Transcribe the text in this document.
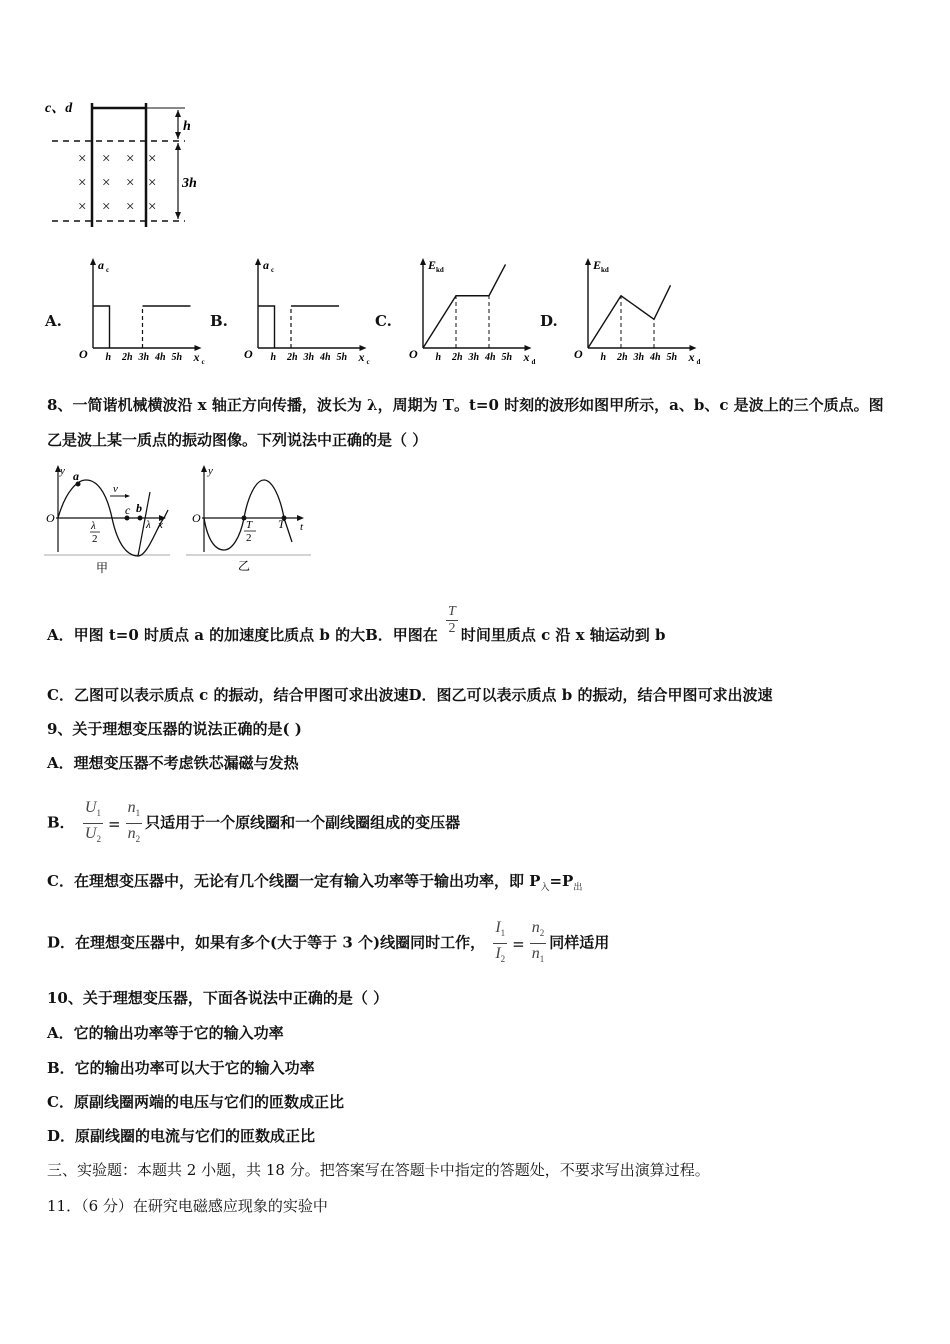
c、d
h
3h
× × × ×
× × × ×
× × × ×
A.
a c
O	x c
h 2h 3h 4h 5h
B.
a c
O	x c
h 2h 3h 4h 5h
C.
E kd
O	x d
h 2h 3h 4h 5h
D.
E kd
O	x d
h 2h 3h 4h 5h
8、一简谐机械横波沿 x 轴正方向传播，波长为 λ，周期为 T。t=0 时刻的波形如图甲所示，a、b、c 是波上的三个质点。图
乙是波上某一质点的振动图像。下列说法中正确的是（ ）
y a
b
c
O	x
λ
v
λ
2
甲
y
O
t
T
T
2
乙
A．甲图 t=0 时质点 a 的加速度比质点 b 的大B．甲图在 $\frac{T}{2}$ 时间里质点 c 沿 x 轴运动到 b
C．乙图可以表示质点 c 的振动，结合甲图可求出波速D．图乙可以表示质点 b 的振动，结合甲图可求出波速
9、关于理想变压器的说法正确的是( )
A．理想变压器不考虑铁芯漏磁与发热
B． $\frac{U_1}{U_2} = \frac{n_1}{n_2}$ 只适用于一个原线圈和一个副线圈组成的变压器
C．在理想变压器中，无论有几个线圈一定有输入功率等于输出功率，即 $P_入=P_出$
D．在理想变压器中，如果有多个(大于等于 3 个)线圈同时工作， $\frac{I_1}{I_2} = \frac{n_2}{n_1}$ 同样适用
10、关于理想变压器，下面各说法中正确的是（ ）
A．它的输出功率等于它的输入功率
B．它的输出功率可以大于它的输入功率
C．原副线圈两端的电压与它们的匝数成正比
D．原副线圈的电流与它们的匝数成正比
三、实验题：本题共 2 小题，共 18 分。把答案写在答题卡中指定的答题处，不要求写出演算过程。
11．（6 分）在研究电磁感应现象的实验中
